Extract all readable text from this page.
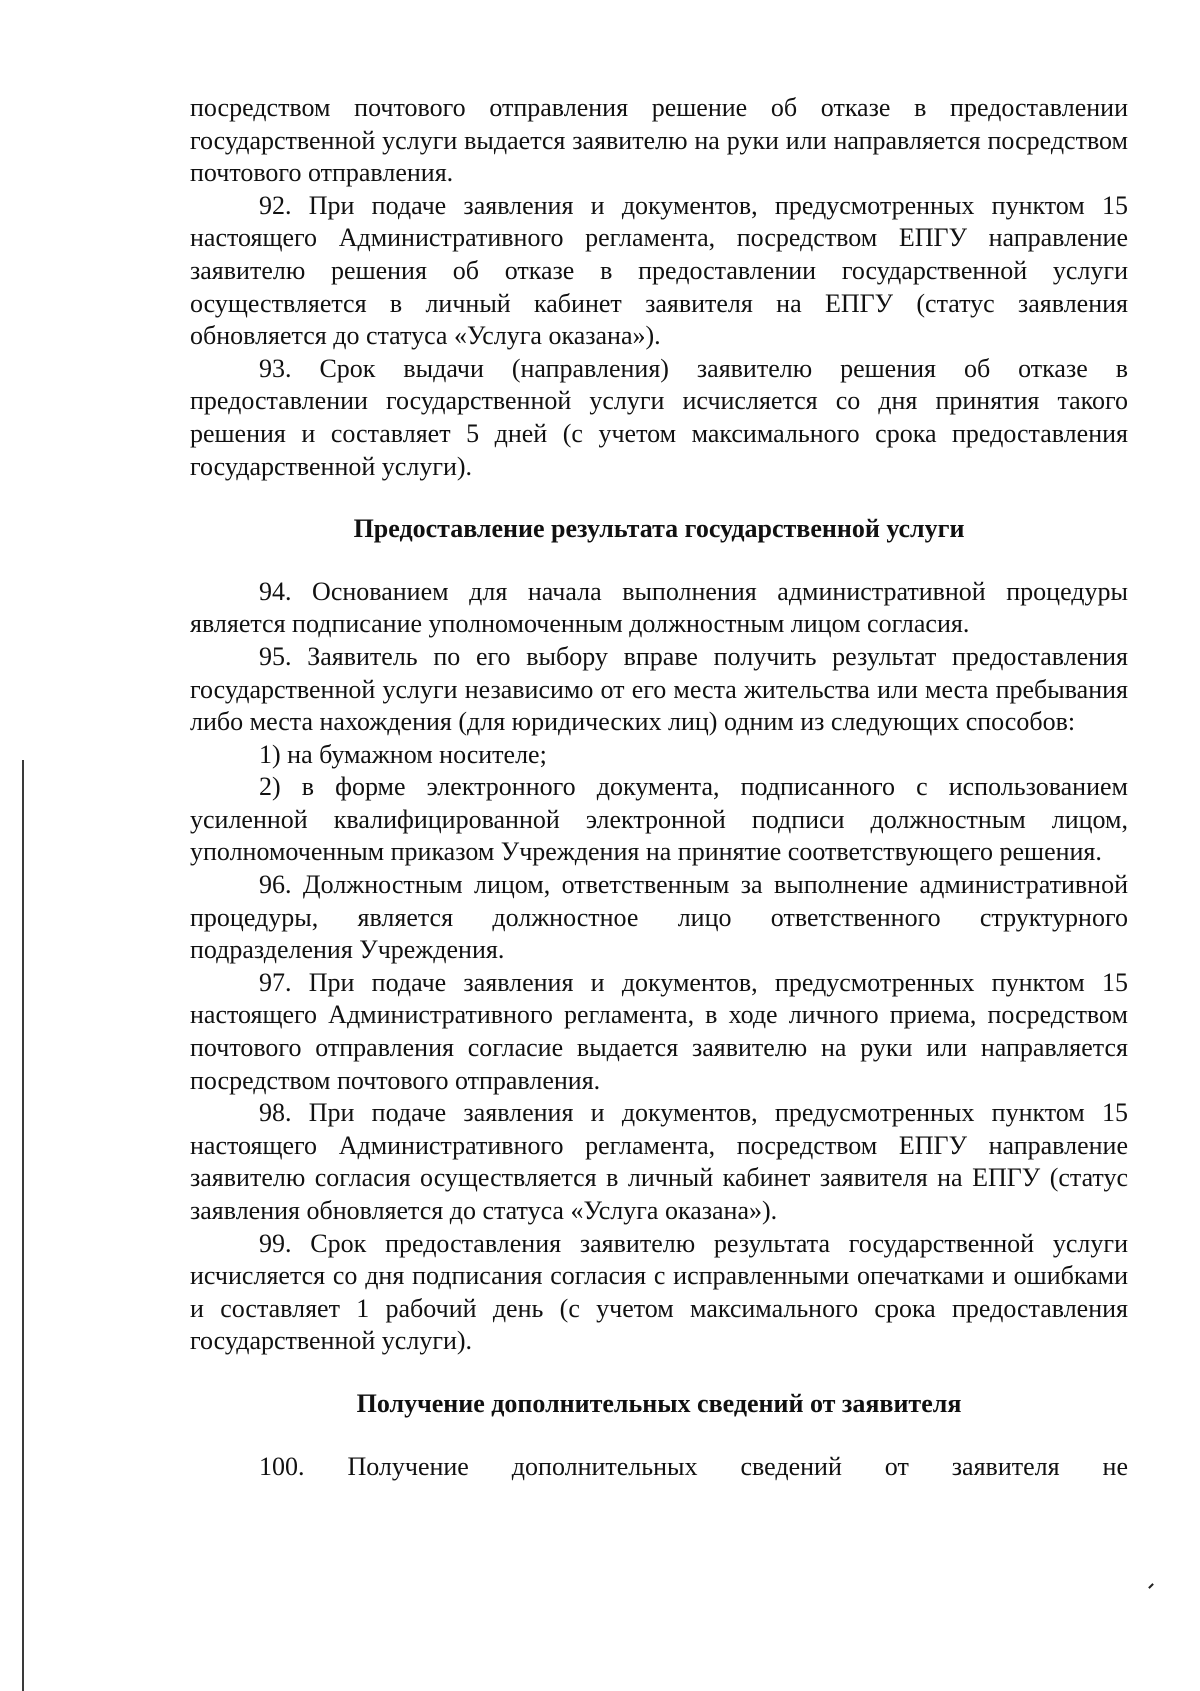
посредством почтового отправления решение об отказе в предоставлении государственной услуги выдается заявителю на руки или направляется посредством почтового отправления.

92. При подаче заявления и документов, предусмотренных пунктом 15 настоящего Административного регламента, посредством ЕПГУ направление заявителю решения об отказе в предоставлении государственной услуги осуществляется в личный кабинет заявителя на ЕПГУ (статус заявления обновляется до статуса «Услуга оказана»).

93. Срок выдачи (направления) заявителю решения об отказе в предоставлении государственной услуги исчисляется со дня принятия такого решения и составляет 5 дней (с учетом максимального срока предоставления государственной услуги).

Предоставление результата государственной услуги

94. Основанием для начала выполнения административной процедуры является подписание уполномоченным должностным лицом согласия.

95. Заявитель по его выбору вправе получить результат предоставления государственной услуги независимо от его места жительства или места пребывания либо места нахождения (для юридических лиц) одним из следующих способов:

1) на бумажном носителе;

2) в форме электронного документа, подписанного с использованием усиленной квалифицированной электронной подписи должностным лицом, уполномоченным приказом Учреждения на принятие соответствующего решения.

96. Должностным лицом, ответственным за выполнение административной процедуры, является должностное лицо ответственного структурного подразделения Учреждения.

97. При подаче заявления и документов, предусмотренных пунктом 15 настоящего Административного регламента, в ходе личного приема, посредством почтового отправления согласие выдается заявителю на руки или направляется посредством почтового отправления.

98. При подаче заявления и документов, предусмотренных пунктом 15 настоящего Административного регламента, посредством ЕПГУ направление заявителю согласия осуществляется в личный кабинет заявителя на ЕПГУ (статус заявления обновляется до статуса «Услуга оказана»).

99. Срок предоставления заявителю результата государственной услуги исчисляется со дня подписания согласия с исправленными опечатками и ошибками и составляет 1 рабочий день (с учетом максимального срока предоставления государственной услуги).

Получение дополнительных сведений от заявителя

100. Получение дополнительных сведений от заявителя не
